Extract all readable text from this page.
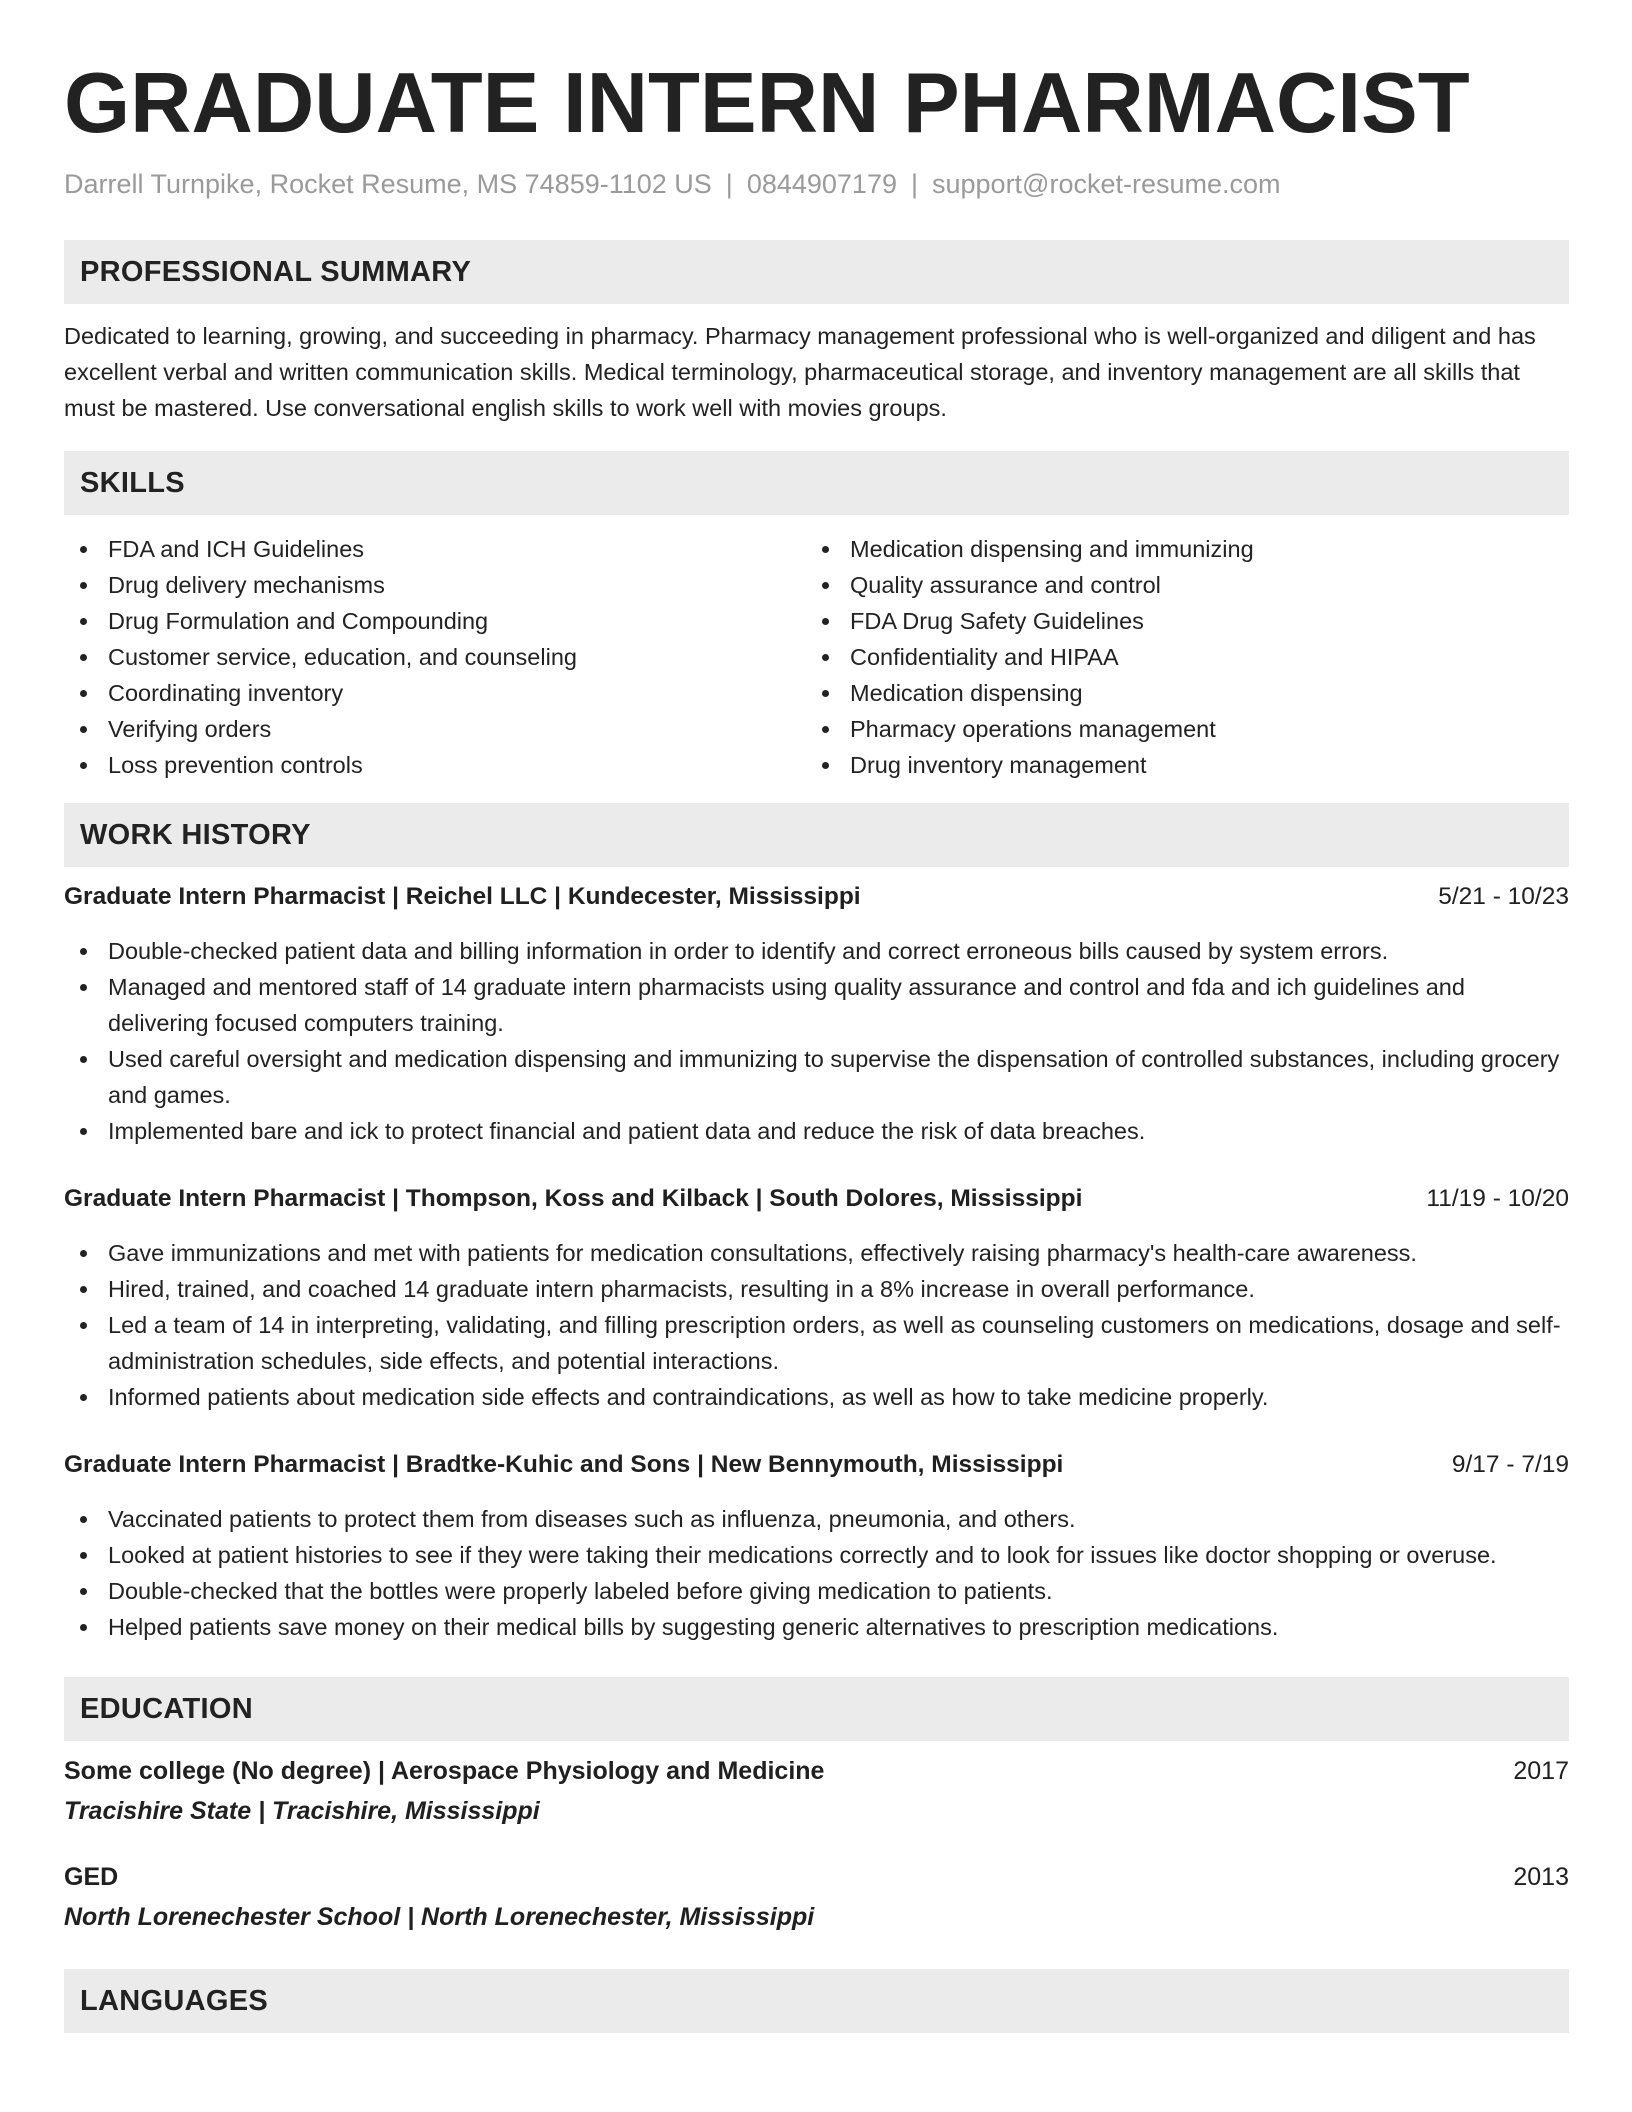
GRADUATE INTERN PHARMACIST
Darrell Turnpike, Rocket Resume, MS 74859-1102 US | 0844907179 | support@rocket-resume.com
PROFESSIONAL SUMMARY

Dedicated to learning, growing, and succeeding in pharmacy. Pharmacy management professional who is well-organized and diligent and has excellent verbal and written communication skills. Medical terminology, pharmaceutical storage, and inventory management are all skills that must be mastered. Use conversational english skills to work well with movies groups.

SKILLS
FDA and ICH Guidelines
Drug delivery mechanisms
Drug Formulation and Compounding
Customer service, education, and counseling
Coordinating inventory
Verifying orders
Loss prevention controls
Medication dispensing and immunizing
Quality assurance and control
FDA Drug Safety Guidelines
Confidentiality and HIPAA
Medication dispensing
Pharmacy operations management
Drug inventory management
WORK HISTORY
Graduate Intern Pharmacist | Reichel LLC | Kundecester, Mississippi	5/21 - 10/23
Double-checked patient data and billing information in order to identify and correct erroneous bills caused by system errors.
Managed and mentored staff of 14 graduate intern pharmacists using quality assurance and control and fda and ich guidelines and delivering focused computers training.
Used careful oversight and medication dispensing and immunizing to supervise the dispensation of controlled substances, including grocery and games.
Implemented bare and ick to protect financial and patient data and reduce the risk of data breaches.
Graduate Intern Pharmacist | Thompson, Koss and Kilback | South Dolores, Mississippi	11/19 - 10/20
Gave immunizations and met with patients for medication consultations, effectively raising pharmacy's health-care awareness.
Hired, trained, and coached 14 graduate intern pharmacists, resulting in a 8% increase in overall performance.
Led a team of 14 in interpreting, validating, and filling prescription orders, as well as counseling customers on medications, dosage and self-administration schedules, side effects, and potential interactions.
Informed patients about medication side effects and contraindications, as well as how to take medicine properly.
Graduate Intern Pharmacist | Bradtke-Kuhic and Sons | New Bennymouth, Mississippi	9/17 - 7/19
Vaccinated patients to protect them from diseases such as influenza, pneumonia, and others.
Looked at patient histories to see if they were taking their medications correctly and to look for issues like doctor shopping or overuse.
Double-checked that the bottles were properly labeled before giving medication to patients.
Helped patients save money on their medical bills by suggesting generic alternatives to prescription medications.
EDUCATION
Some college (No degree) | Aerospace Physiology and Medicine	2017
Tracishire State | Tracishire, Mississippi
GED	2013
North Lorenechester School | North Lorenechester, Mississippi
LANGUAGES
